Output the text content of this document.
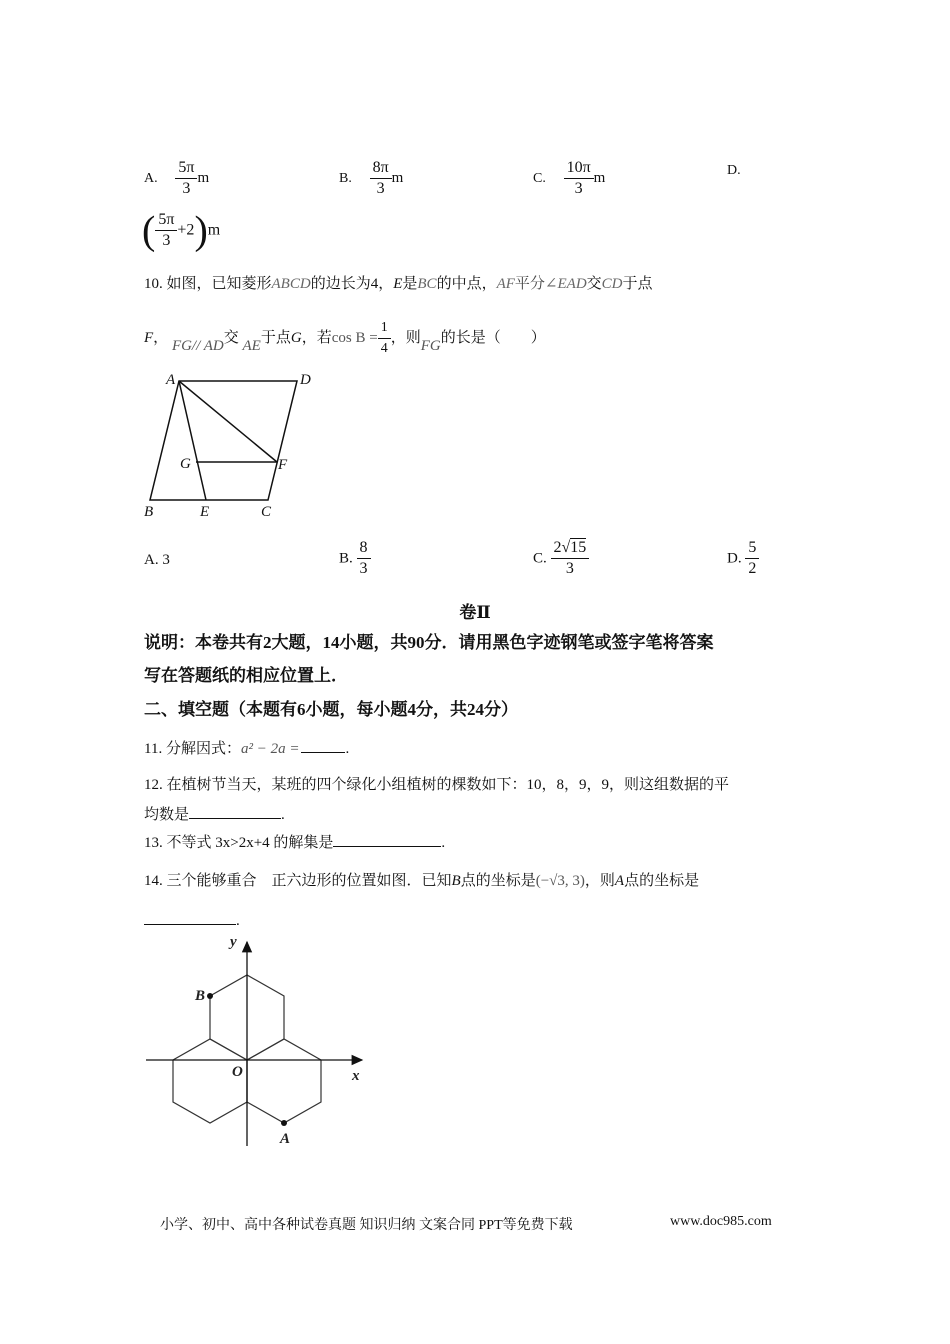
A. $\frac{5\pi}{3}$ m	B. $\frac{8\pi}{3}$ m	C. $\frac{10\pi}{3}$ m	D.
( $\frac{5\pi}{3} +2)m$
10. 如图，已知菱形ABCD的边长为4，E是BC的中点，AF平分∠EAD交CD于点
F， FG// AD交 AE于点G，若$\cos B = \frac{1}{4}$ ，则FG的长是（　　）
A	D
G	F
B	E	C
A. 3	B. $\frac{8}{3}$	C. $\frac{2√15}{3}$	D. $\frac{5}{2}$
卷Ⅱ
说明：本卷共有2大题，14小题，共90分．请用黑色字迹钢笔或签字笔将答案
写在答题纸的相应位置上．
二、填空题（本题有6小题，每小题4分，共24分）
11. 分解因式：a² − 2a =	.
12. 在植树节当天，某班的四个绿化小组植树的棵数如下：10，8，9，9，则这组数据的平
均数是	.
13. 不等式 3x>2x+4 的解集是	.
14. 三个能够重合　正六边形的位置如图．已知B点的坐标是(−√3, 3)，则A点的坐标是
.
y
x
O
B
A
小学、初中、高中各种试卷真题 知识归纳 文案合同 PPT等免费下载	www.doc985.com
